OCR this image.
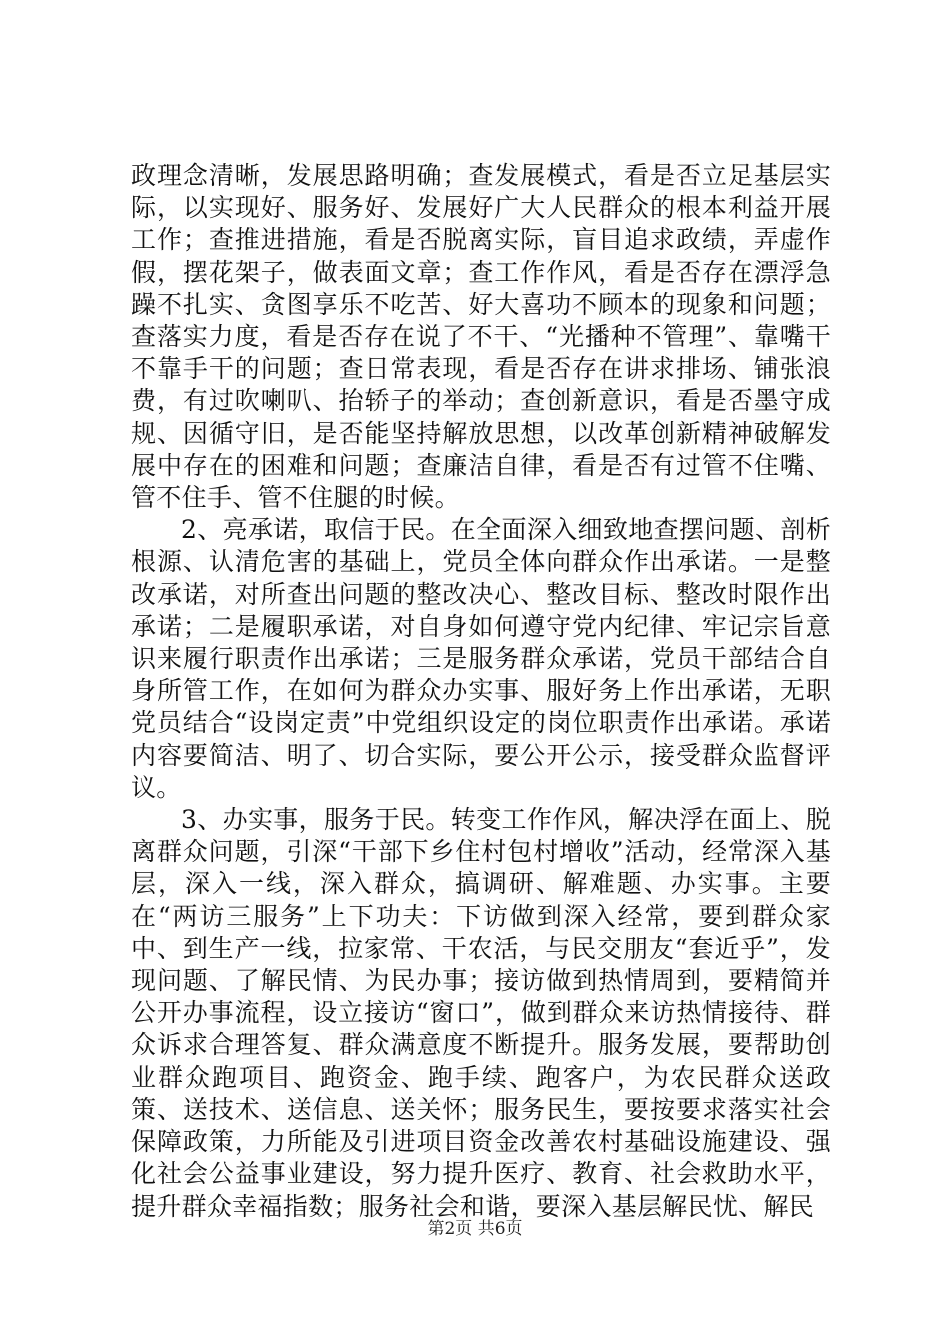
政理念清晰，发展思路明确；查发展模式，看是否立足基层实际，以实现好、服务好、发展好广大人民群众的根本利益开展工作；查推进措施，看是否脱离实际，盲目追求政绩，弄虚作假，摆花架子，做表面文章；查工作作风，看是否存在漂浮急躁不扎实、贪图享乐不吃苦、好大喜功不顾本的现象和问题；查落实力度，看是否存在说了不干、“光播种不管理”、靠嘴干不靠手干的问题；查日常表现，看是否存在讲求排场、铺张浪费，有过吹喇叭、抬轿子的举动；查创新意识，看是否墨守成规、因循守旧，是否能坚持解放思想，以改革创新精神破解发展中存在的困难和问题；查廉洁自律，看是否有过管不住嘴、管不住手、管不住腿的时候。

2、亮承诺，取信于民。在全面深入细致地查摆问题、剖析根源、认清危害的基础上，党员全体向群众作出承诺。一是整改承诺，对所查出问题的整改决心、整改目标、整改时限作出承诺；二是履职承诺，对自身如何遵守党内纪律、牢记宗旨意识来履行职责作出承诺；三是服务群众承诺，党员干部结合自身所管工作，在如何为群众办实事、服好务上作出承诺，无职党员结合“设岗定责”中党组织设定的岗位职责作出承诺。承诺内容要简洁、明了、切合实际，要公开公示，接受群众监督评议。

3、办实事，服务于民。转变工作作风，解决浮在面上、脱离群众问题，引深“干部下乡住村包村增收”活动，经常深入基层，深入一线，深入群众，搞调研、解难题、办实事。主要在“两访三服务”上下功夫：下访做到深入经常，要到群众家中、到生产一线，拉家常、干农活，与民交朋友“套近乎”，发现问题、了解民情、为民办事；接访做到热情周到，要精简并公开办事流程，设立接访“窗口”，做到群众来访热情接待、群众诉求合理答复、群众满意度不断提升。服务发展，要帮助创业群众跑项目、跑资金、跑手续、跑客户，为农民群众送政策、送技术、送信息、送关怀；服务民生，要按要求落实社会保障政策，力所能及引进项目资金改善农村基础设施建设、强化社会公益事业建设，努力提升医疗、教育、社会救助水平，提升群众幸福指数；服务社会和谐，要深入基层解民忧、解民

第2页 共6页
